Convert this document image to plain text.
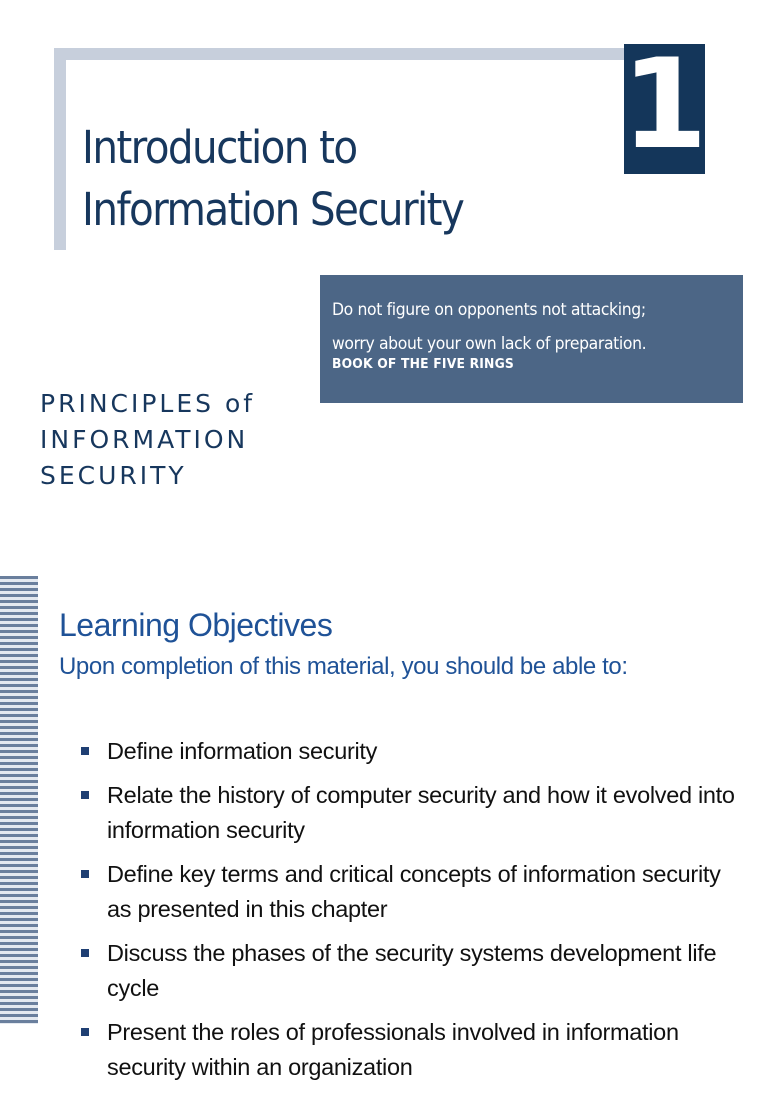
1
Introduction to
Information Security
Do not figure on opponents not attacking;
worry about your own lack of preparation.
BOOK OF THE FIVE RINGS
PRINCIPLES of
INFORMATION
SECURITY
Learning Objectives
Upon completion of this material, you should be able to:
Define information security
Relate the history of computer security and how it evolved into information security
Define key terms and critical concepts of information security as presented in this chapter
Discuss the phases of the security systems development life cycle
Present the roles of professionals involved in information security within an organization
